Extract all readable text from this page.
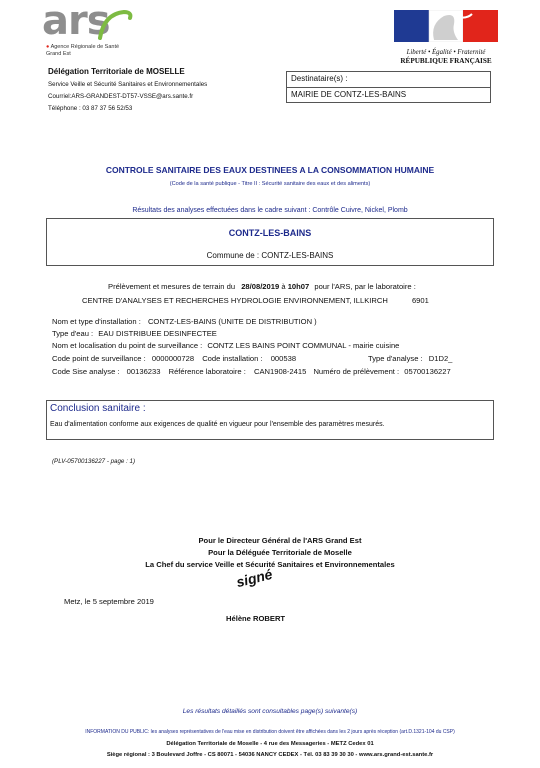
ars
● Agence Régionale de Santé
Grand Est	Liberté • Égalité • Fraternité
RÉPUBLIQUE FRANÇAISE
Délégation Territoriale de MOSELLE
Service Veille et Sécurité Sanitaires et Environnementales
Courriel:ARS-GRANDEST-DT57-VSSE@ars.sante.fr
Téléphone : 03 87 37 56 52/53
Destinataire(s) :
MAIRIE DE CONTZ-LES-BAINS
CONTROLE SANITAIRE DES EAUX DESTINEES A LA CONSOMMATION HUMAINE
(Code de la santé publique - Titre II : Sécurité sanitaire des eaux et des aliments)
Résultats des analyses effectuées dans le cadre suivant : Contrôle Cuivre, Nickel, Plomb
CONTZ-LES-BAINS
Commune de : CONTZ-LES-BAINS
Prélèvement et mesures de terrain du 28/08/2019 à 10h07 pour l'ARS, par le laboratoire :
CENTRE D'ANALYSES ET RECHERCHES HYDROLOGIE ENVIRONNEMENT, ILLKIRCH	6901
Nom et type d'installation : CONTZ-LES-BAINS (UNITE DE DISTRIBUTION )
Type d'eau : EAU DISTRIBUEE DESINFECTEE
Nom et localisation du point de surveillance : CONTZ LES BAINS POINT COMMUNAL - mairie cuisine
Code point de surveillance : 0000000728 Code installation : 000538	Type d'analyse : D1D2_
Code Sise analyse : 00136233 Référence laboratoire : CAN1908-2415 Numéro de prélèvement : 05700136227
Conclusion sanitaire :
Eau d'alimentation conforme aux exigences de qualité en vigueur pour l'ensemble des paramètres mesurés.
(PLV-05700136227 - page : 1)
Pour le Directeur Général de l'ARS Grand Est
Pour la Déléguée Territoriale de Moselle
La Chef du service Veille et Sécurité Sanitaires et Environnementales
signé
Metz, le 5 septembre 2019
Hélène ROBERT
Les résultats détaillés sont consultables page(s) suivante(s)
INFORMATION DU PUBLIC: les analyses représentatives de l'eau mise en distribution doivent être affichées dans les 2 jours après réception (art.D.1321-104 du CSP)
Délégation Territoriale de Moselle - 4 rue des Messageries - METZ Cedex 01
Siège régional : 3 Boulevard Joffre - CS 80071 - 54036 NANCY CEDEX - Tél. 03 83 39 30 30 - www.ars.grand-est.sante.fr
